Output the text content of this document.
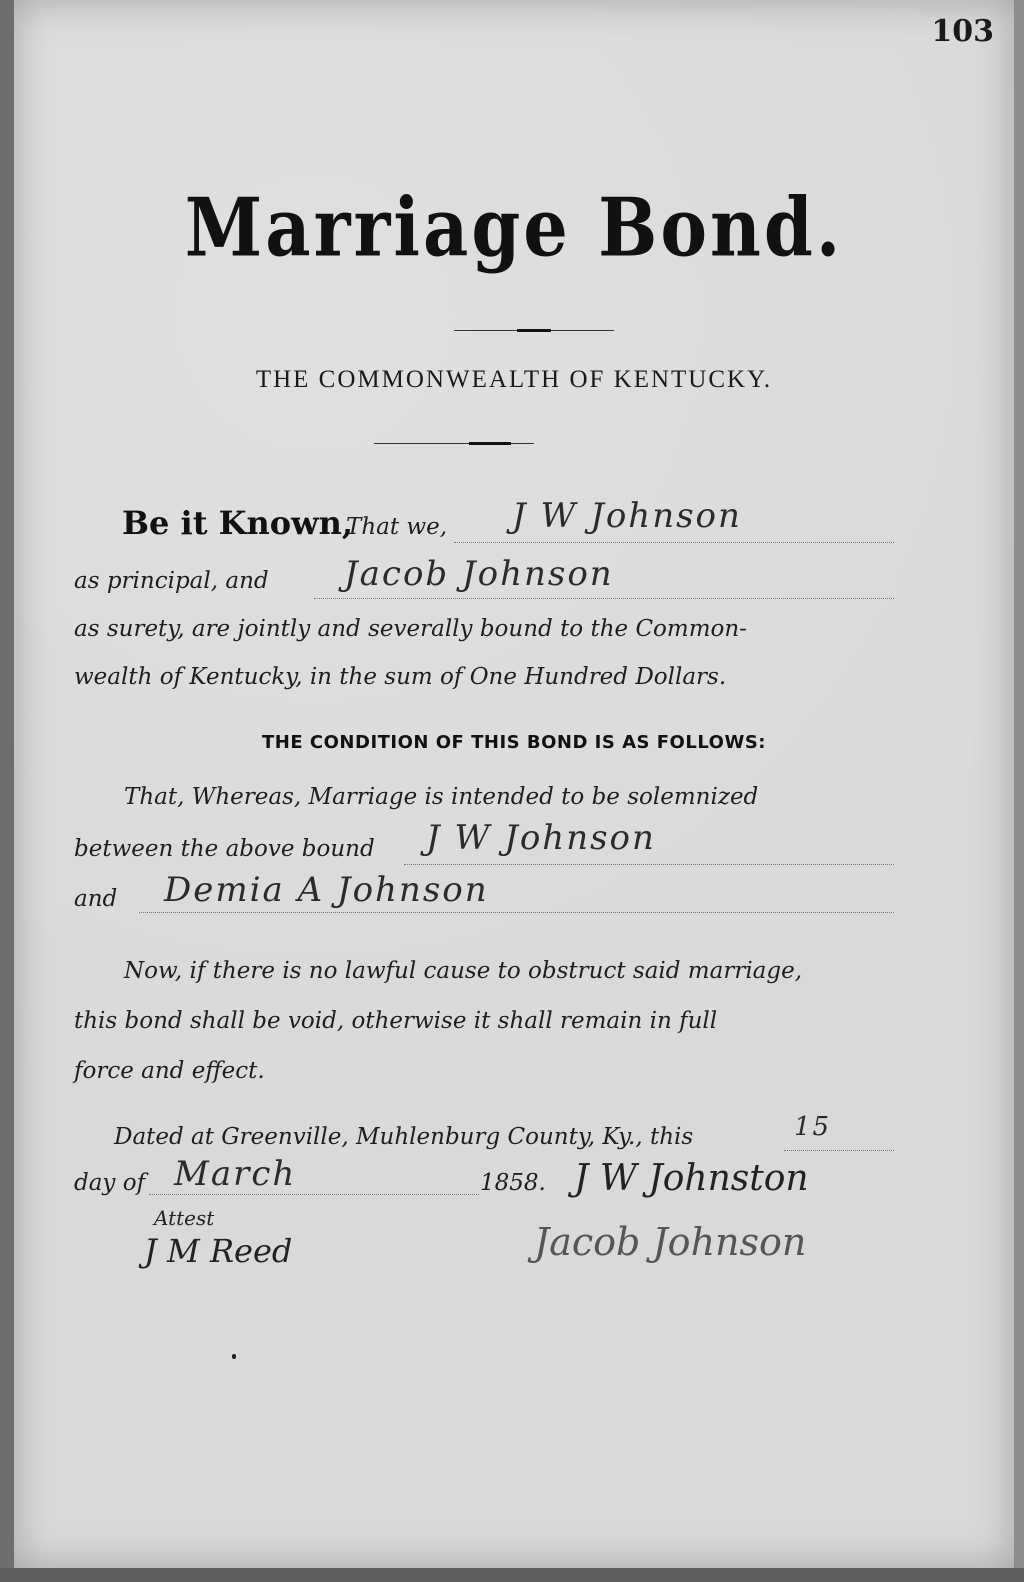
103
Marriage Bond.
THE COMMONWEALTH OF KENTUCKY.
Be it Known,
That we, J W Johnson
as principal, and Jacob Johnson
as surety, are jointly and severally bound to the Common-
wealth of Kentucky, in the sum of One Hundred Dollars.
THE CONDITION OF THIS BOND IS AS FOLLOWS:
That, Whereas, Marriage is intended to be solemnized
between the above bound J W Johnson
and Demia A Johnson
Now, if there is no lawful cause to obstruct said marriage,
this bond shall be void, otherwise it shall remain in full
force and effect.
Dated at Greenville, Muhlenburg County, Ky., this	15
day of March	1858. J W Johnston
Jacob Johnson
Attest
J M Reed
